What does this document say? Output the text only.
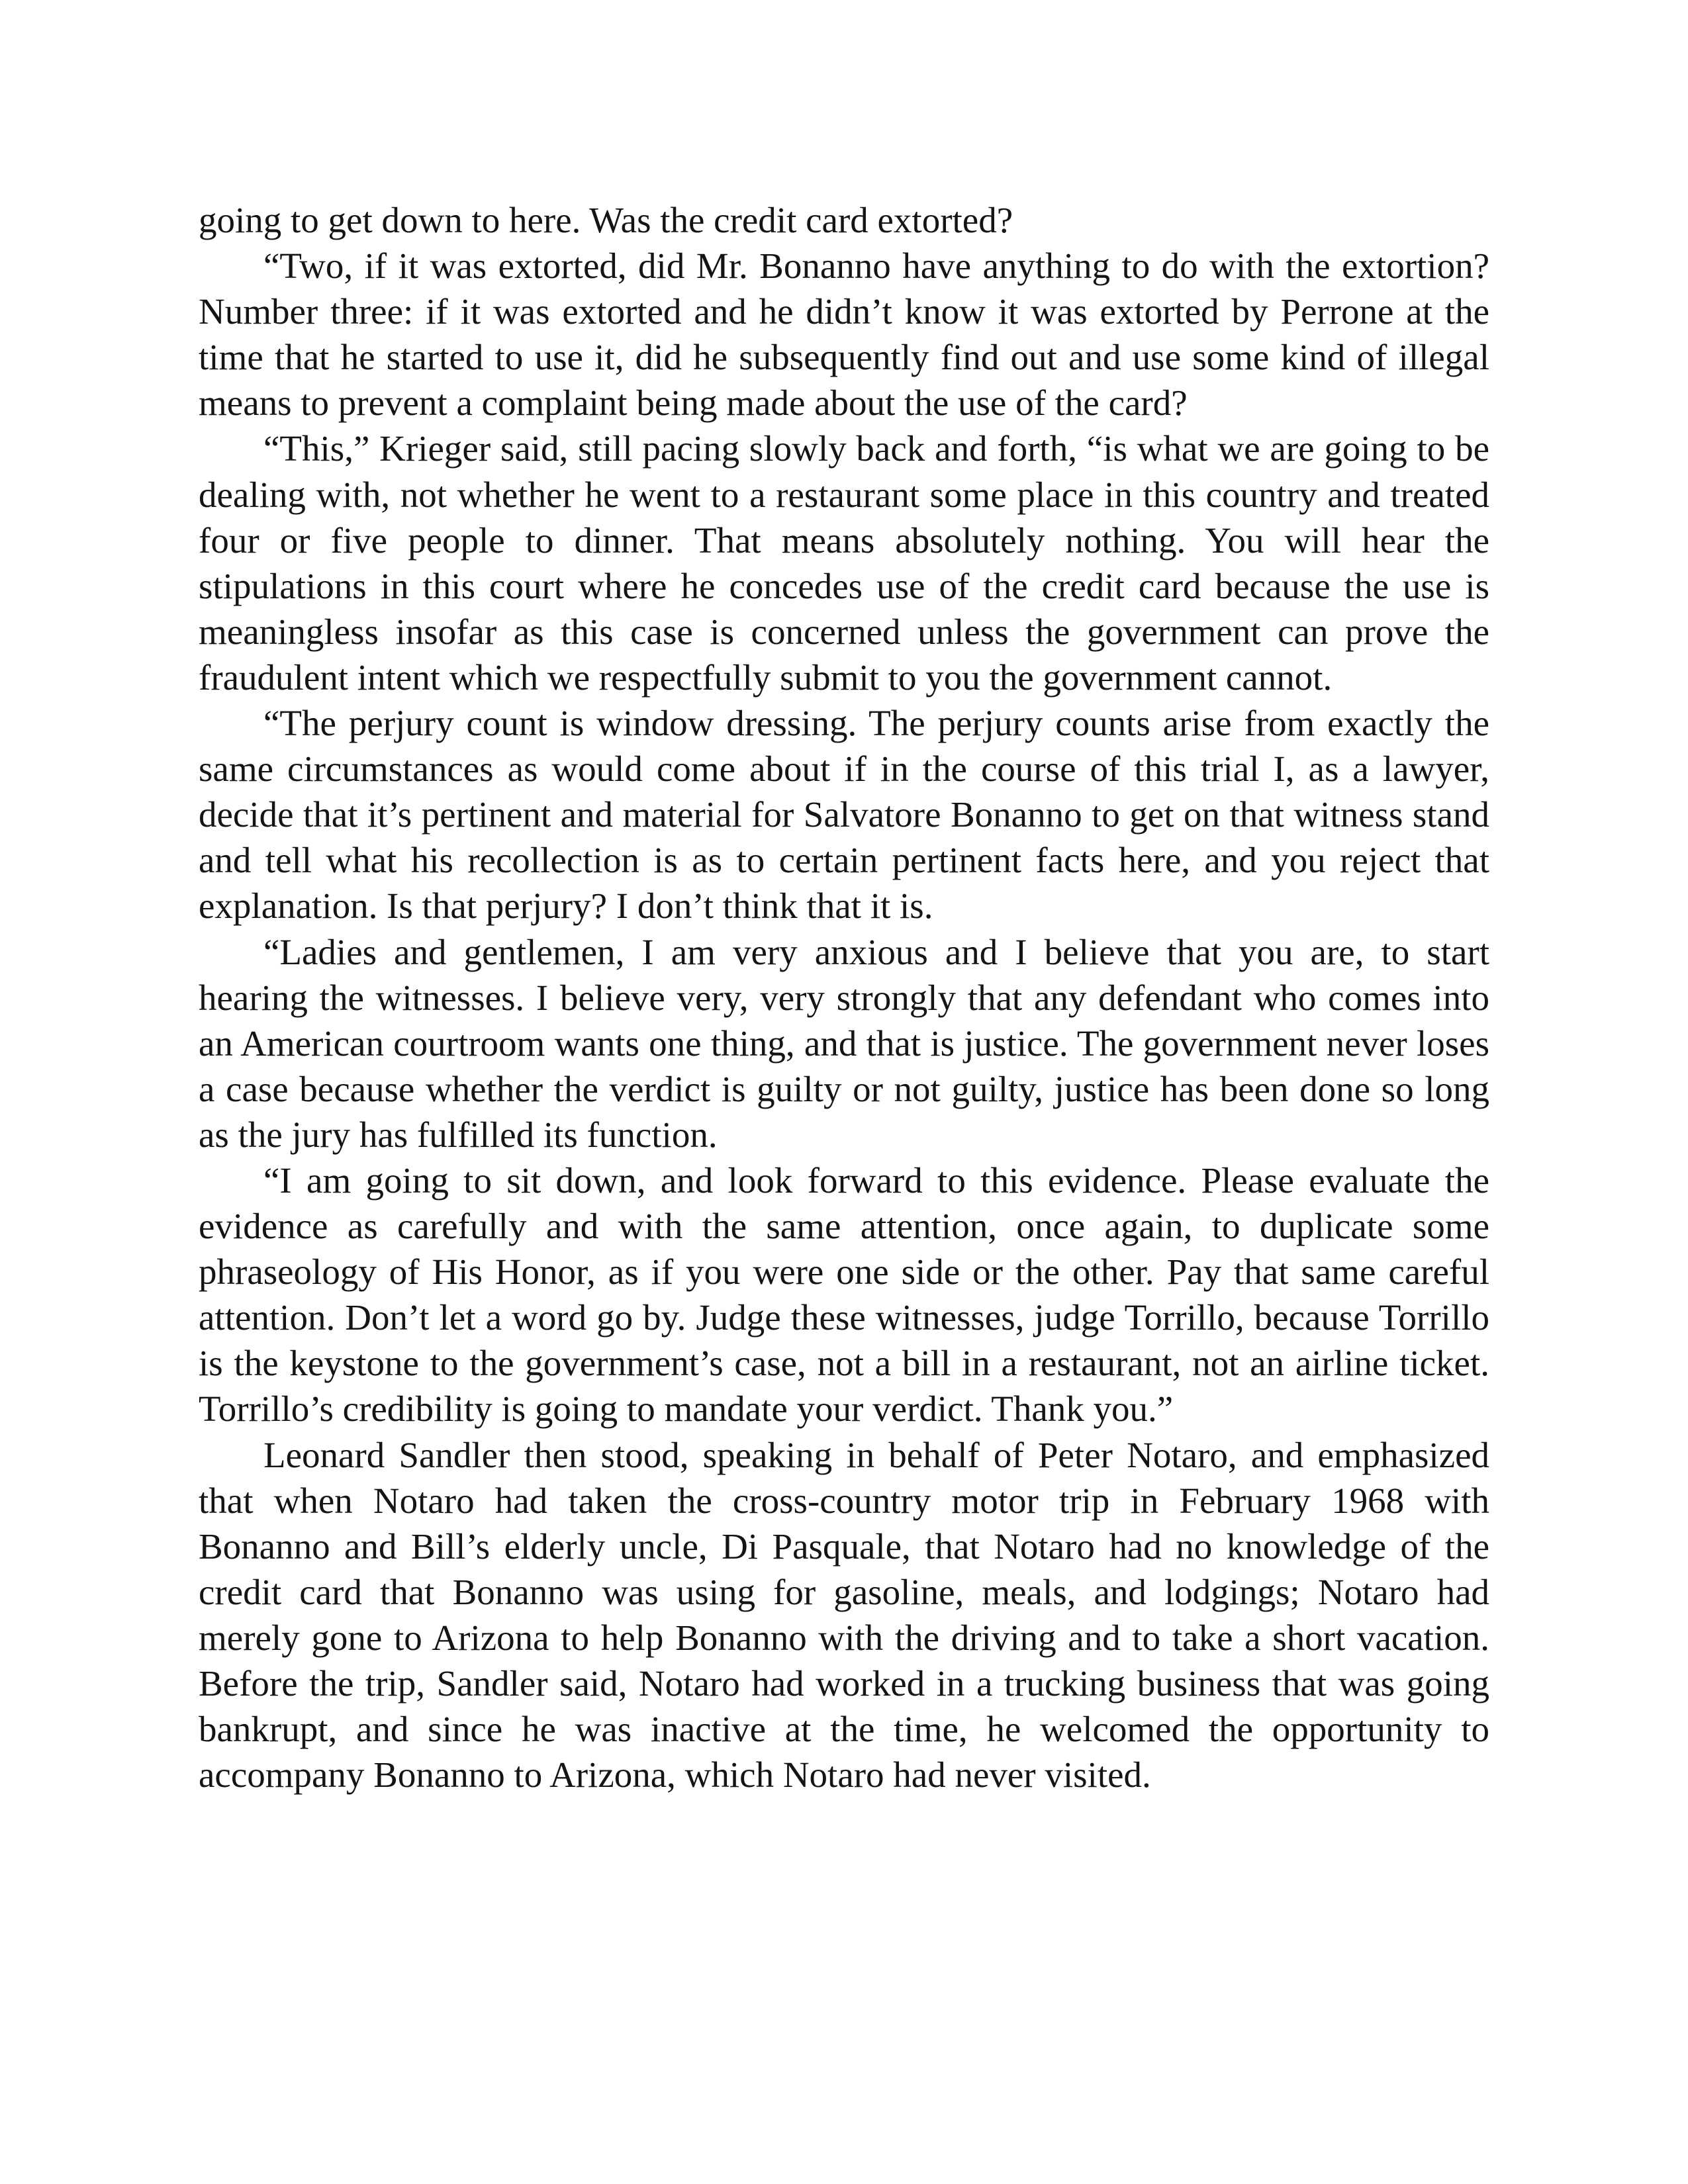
going to get down to here. Was the credit card extorted?

“Two, if it was extorted, did Mr. Bonanno have anything to do with the extortion? Number three: if it was extorted and he didn’t know it was extorted by Perrone at the time that he started to use it, did he subsequently find out and use some kind of illegal means to prevent a complaint being made about the use of the card?

“This,” Krieger said, still pacing slowly back and forth, “is what we are going to be dealing with, not whether he went to a restaurant some place in this country and treated four or five people to dinner. That means absolutely nothing. You will hear the stipulations in this court where he concedes use of the credit card because the use is meaningless insofar as this case is concerned unless the government can prove the fraudulent intent which we respectfully submit to you the government cannot.

“The perjury count is window dressing. The perjury counts arise from exactly the same circumstances as would come about if in the course of this trial I, as a lawyer, decide that it’s pertinent and material for Salvatore Bonanno to get on that witness stand and tell what his recollection is as to certain pertinent facts here, and you reject that explanation. Is that perjury? I don’t think that it is.

“Ladies and gentlemen, I am very anxious and I believe that you are, to start hearing the witnesses. I believe very, very strongly that any defendant who comes into an American courtroom wants one thing, and that is justice. The government never loses a case because whether the verdict is guilty or not guilty, justice has been done so long as the jury has fulfilled its function.

“I am going to sit down, and look forward to this evidence. Please evaluate the evidence as carefully and with the same attention, once again, to duplicate some phraseology of His Honor, as if you were one side or the other. Pay that same careful attention. Don’t let a word go by. Judge these witnesses, judge Torrillo, because Torrillo is the keystone to the government’s case, not a bill in a restaurant, not an airline ticket. Torrillo’s credibility is going to mandate your verdict. Thank you.”

Leonard Sandler then stood, speaking in behalf of Peter Notaro, and emphasized that when Notaro had taken the cross-country motor trip in February 1968 with Bonanno and Bill’s elderly uncle, Di Pasquale, that Notaro had no knowledge of the credit card that Bonanno was using for gasoline, meals, and lodgings; Notaro had merely gone to Arizona to help Bonanno with the driving and to take a short vacation. Before the trip, Sandler said, Notaro had worked in a trucking business that was going bankrupt, and since he was inactive at the time, he welcomed the opportunity to accompany Bonanno to Arizona, which Notaro had never visited.
